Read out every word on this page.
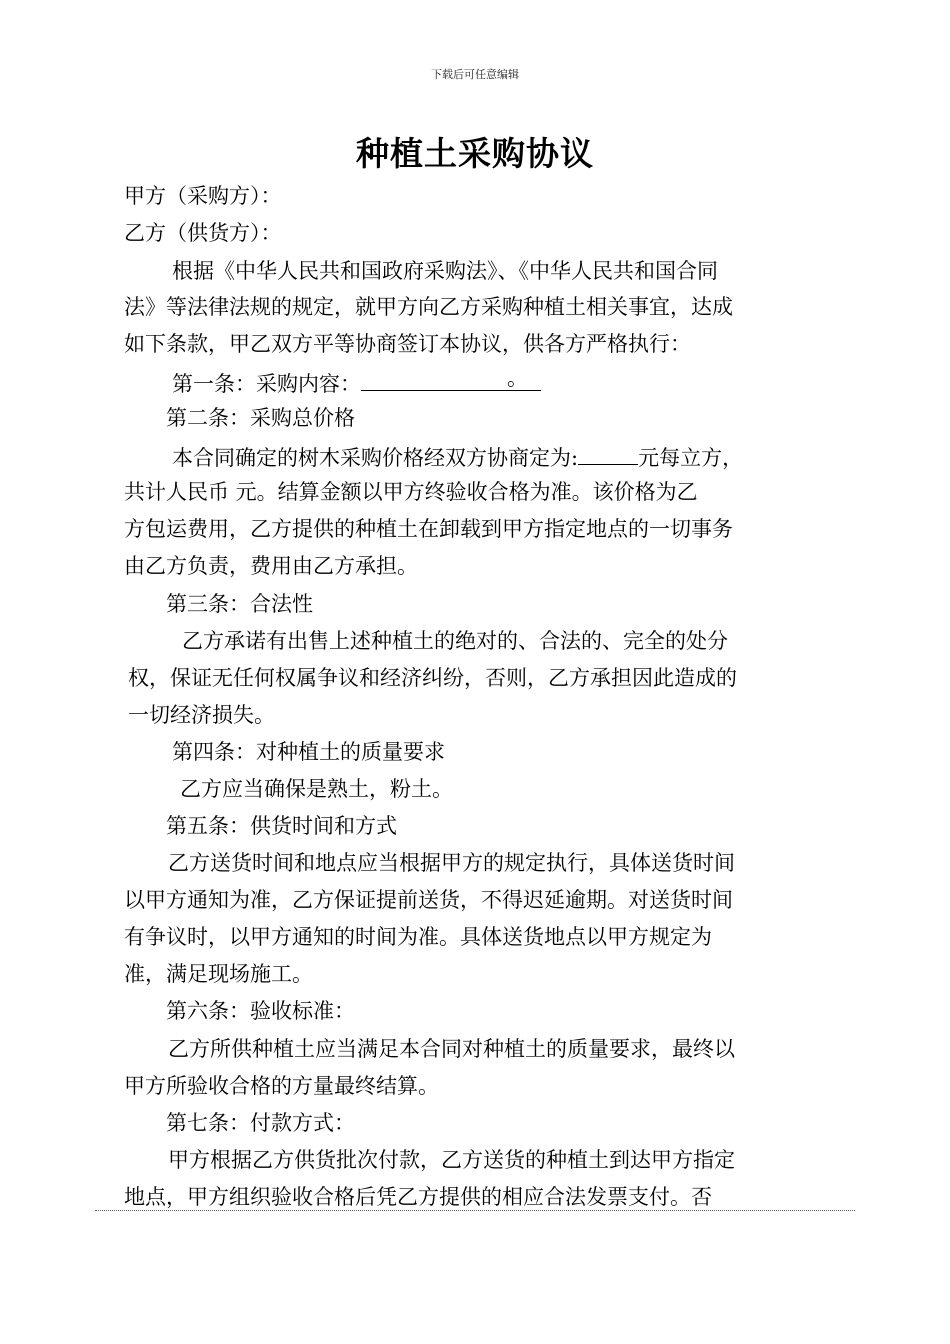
下载后可任意编辑
种植土采购协议
甲方（采购方）：
乙方（供货方）：
根据《中华人民共和国政府采购法》、《中华人民共和国合同
法》等法律法规的规定，就甲方向乙方采购种植土相关事宜，达成
如下条款，甲乙双方平等协商签订本协议，供各方严格执行：
第一条：采购内容：	。
第二条：采购总价格
本合同确定的树木采购价格经双方协商定为:	元每立方，
共计人民币 元。结算金额以甲方终验收合格为准。该价格为乙
方包运费用，乙方提供的种植土在卸载到甲方指定地点的一切事务
由乙方负责，费用由乙方承担。
第三条：合法性
乙方承诺有出售上述种植土的绝对的、合法的、完全的处分
权，保证无任何权属争议和经济纠纷，否则，乙方承担因此造成的
一切经济损失。
第四条：对种植土的质量要求
乙方应当确保是熟土，粉土。
第五条：供货时间和方式
乙方送货时间和地点应当根据甲方的规定执行，具体送货时间
以甲方通知为准，乙方保证提前送货，不得迟延逾期。对送货时间
有争议时，以甲方通知的时间为准。具体送货地点以甲方规定为
准，满足现场施工。
第六条：验收标准：
乙方所供种植土应当满足本合同对种植土的质量要求，最终以
甲方所验收合格的方量最终结算。
第七条：付款方式：
甲方根据乙方供货批次付款，乙方送货的种植土到达甲方指定
地点，甲方组织验收合格后凭乙方提供的相应合法发票支付。否
